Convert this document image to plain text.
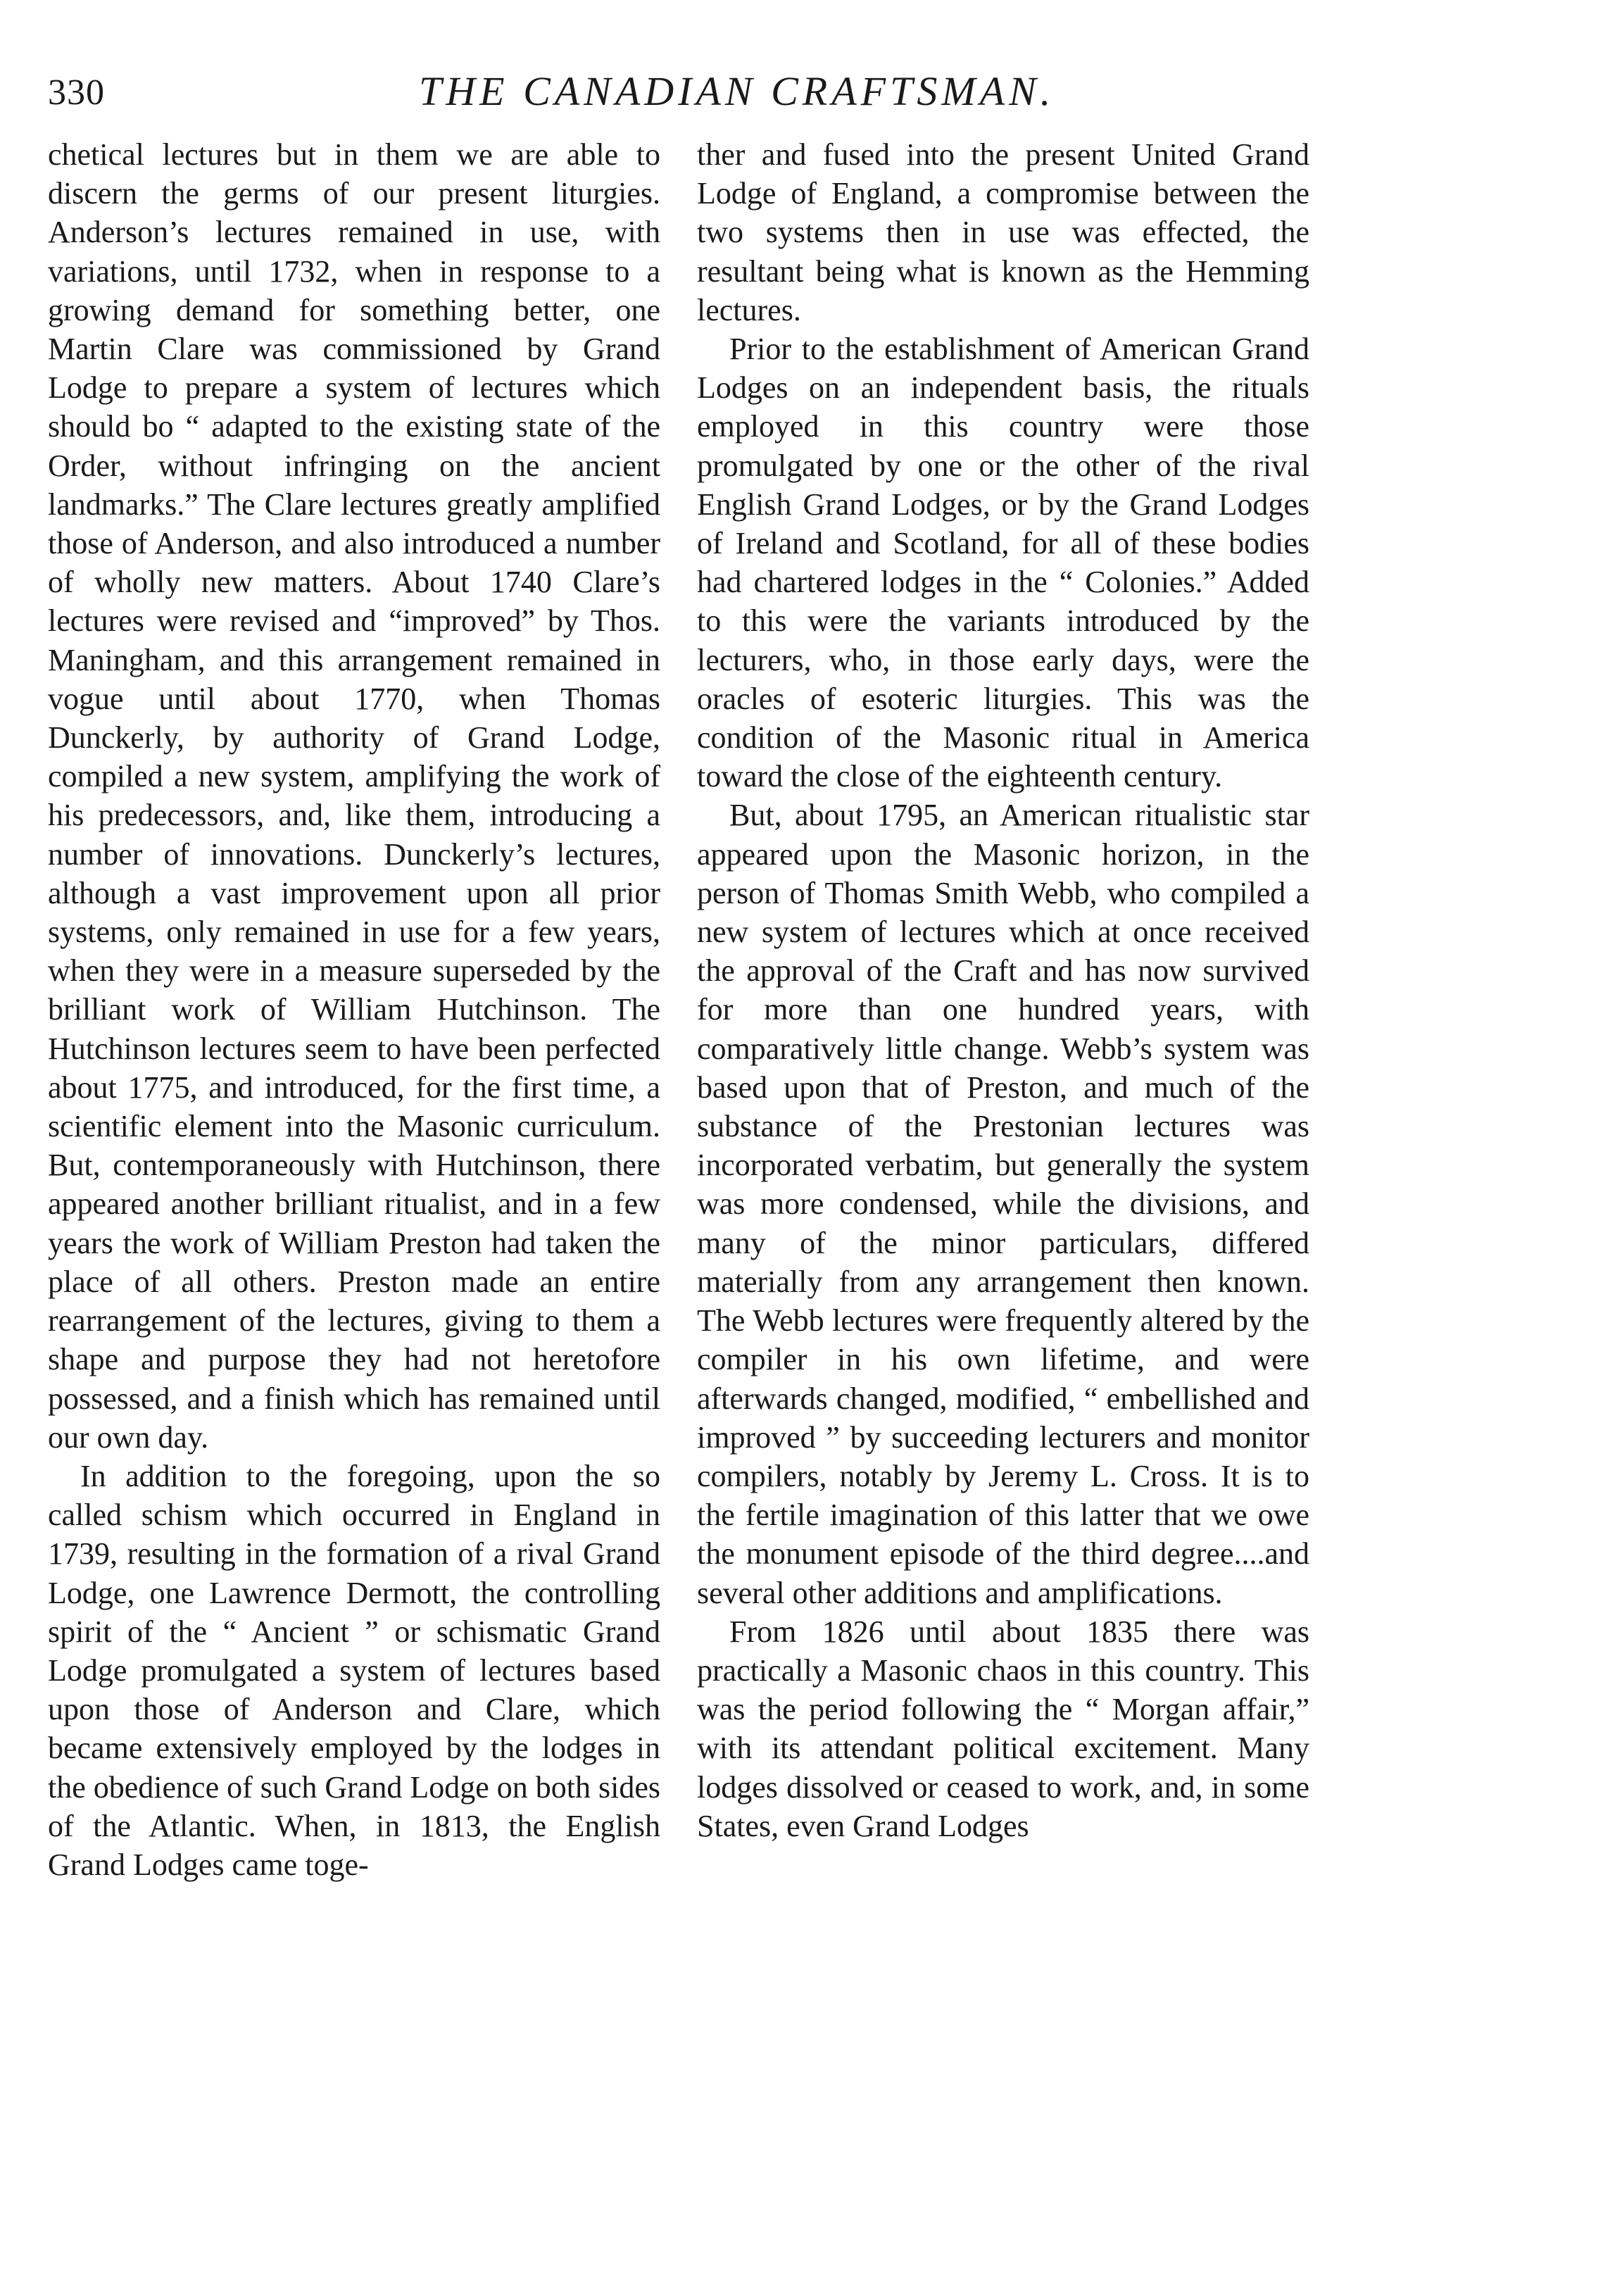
330	THE CANADIAN CRAFTSMAN.

chetical lectures but in them we are able to discern the germs of our present liturgies. Anderson’s lectures remained in use, with variations, until 1732, when in response to a growing demand for something better, one Martin Clare was commissioned by Grand Lodge to prepare a system of lectures which should bo “ adapted to the existing state of the Order, without infringing on the ancient landmarks.” The Clare lectures greatly amplified those of Anderson, and also introduced a number of wholly new matters. About 1740 Clare’s lectures were revised and “improved” by Thos. Maningham, and this arrangement remained in vogue until about 1770, when Thomas Dunckerly, by authority of Grand Lodge, compiled a new system, amplifying the work of his predecessors, and, like them, introducing a number of innovations. Dunckerly’s lectures, although a vast improvement upon all prior systems, only remained in use for a few years, when they were in a measure superseded by the brilliant work of William Hutchinson. The Hutchinson lectures seem to have been perfected about 1775, and introduced, for the first time, a scientific element into the Masonic curriculum. But, contemporaneously with Hutchinson, there appeared another brilliant ritualist, and in a few years the work of William Preston had taken the place of all others. Preston made an entire rearrangement of the lectures, giving to them a shape and purpose they had not heretofore possessed, and a finish which has remained until our own day.

In addition to the foregoing, upon the so called schism which occurred in England in 1739, resulting in the formation of a rival Grand Lodge, one Lawrence Dermott, the controlling spirit of the “ Ancient ” or schismatic Grand Lodge promulgated a system of lectures based upon those of Anderson and Clare, which became extensively employed by the lodges in the obedience of such Grand Lodge on both sides of the Atlantic. When, in 1813, the English Grand Lodges came toge-

ther and fused into the present United Grand Lodge of England, a compromise between the two systems then in use was effected, the resultant being what is known as the Hemming lectures.

Prior to the establishment of American Grand Lodges on an independent basis, the rituals employed in this country were those promulgated by one or the other of the rival English Grand Lodges, or by the Grand Lodges of Ireland and Scotland, for all of these bodies had chartered lodges in the “ Colonies.” Added to this were the variants introduced by the lecturers, who, in those early days, were the oracles of esoteric liturgies. This was the condition of the Masonic ritual in America toward the close of the eighteenth century.

But, about 1795, an American ritualistic star appeared upon the Masonic horizon, in the person of Thomas Smith Webb, who compiled a new system of lectures which at once received the approval of the Craft and has now survived for more than one hundred years, with comparatively little change. Webb’s system was based upon that of Preston, and much of the substance of the Prestonian lectures was incorporated verbatim, but generally the system was more condensed, while the divisions, and many of the minor particulars, differed materially from any arrangement then known. The Webb lectures were frequently altered by the compiler in his own lifetime, and were afterwards changed, modified, “ embellished and improved ” by succeeding lecturers and monitor compilers, notably by Jeremy L. Cross. It is to the fertile imagination of this latter that we owe the monument episode of the third degree....and several other additions and amplifications.

From 1826 until about 1835 there was practically a Masonic chaos in this country. This was the period following the “ Morgan affair,” with its attendant political excitement. Many lodges dissolved or ceased to work, and, in some States, even Grand Lodges
